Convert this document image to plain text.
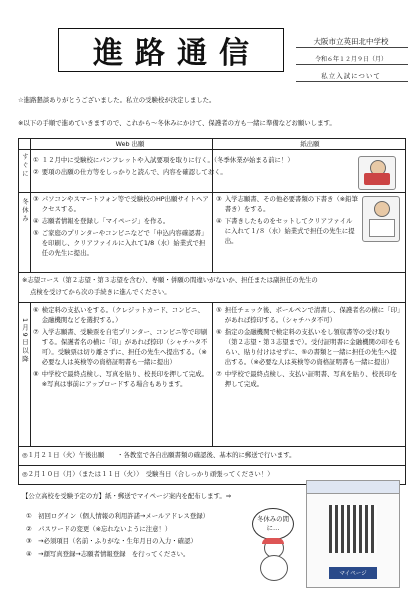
進路通信	大阪市立英田北中学校
令和６年１２月９日（月）
私立入試について
☆進路懇談ありがとうございました。私立の受験校が決定しました。
※以下の手順で進めていきますので、これから～冬休みにかけて、保護者の方も一緒に準備などお願いします。
Web 出願	紙出願
すぐに ① １２月中に受験校にパンフレットや入試要項を取りに行く。（冬季休業が始まる前に！）
② 要項の出願の仕方等をしっかりと読んで、内容を確認しておく。
冬休み ③ パソコンやスマートフォン等で受験校のHP出願サイトへアクセスする。
④ 志願者情報を登録し「マイページ」を作る。
⑤ ご家庭のプリンターやコンビニなどで「申込内容確認書」を印刷し、クリアファイルに入れて1/8（水）始業式で担任の先生に提出。
③ 入学志願書、その他必要書類の下書き（※鉛筆書き）をする。
④ 下書きしたものをセットしてクリアファイルに入れて１/８（水）始業式で担任の先生に提出。
※志望コース（第２志望・第３志望を含む）、専願・併願の間違いがないか、担任または副担任の先生の
点検を受けてから次の手続きに進んでください。
1月9日以降
⑥ 検定料の支払いをする。（クレジットカード、コンビニ、金融機関などを選択する。）
⑦ 入学志願書、受験票を自宅プリンター、コンビニ等で印刷する。保護者名の横に「印」があれば捺印（シャチハタ不可）。受験票は切り離さずに、担任の先生へ提出する。（※必要な人は英検等の資格証明書も一緒に提出）
⑧ 中学校で最終点検し、写真を貼り、校長印を押して完成。※写真は事前にアップロードする場合もあります。
⑤ 担任チェック後、ボールペンで清書し、保護者名の横に「印」があれば捺印する。（シャチハタ不可）
⑥ 指定の金融機関で検定料の支払いをし領収書等の受け取り（第２志望・第３志望まで）。受付証明書に金融機関の印をもらい、貼り付けはせずに、⑤の書類と一緒に担任の先生へ提出する。（※必要な人は英検等の資格証明書も一緒に提出）
⑦ 中学校で最終点検し、支払い証明書、写真を貼り、校長印を押して完成。
◎１月２１日（火）午後出願　　・各教室で各自出願書類の確認後、基本的に郵送で行います。
◎２月１０日（月）（または１１日（火））　受験当日（合しっかり頑張ってください！）
【公立高校を受験予定の方】紙・郵送でマイページ案内を配布します。⇒
①　初回ログイン（個人情報の利用許諾→メールアドレス登録）
②　パスワードの変更（※忘れないように注意！）
③　→必須項目（名前・ふりがな・生年月日の入力・確認）
④　→顔写真登録→志願者情報登録　を行ってください。
冬休みの間に…
マイページ
